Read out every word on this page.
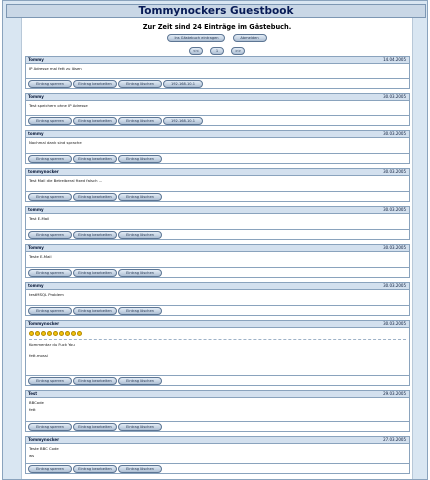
Tommynockers Guestbook
Zur Zeit sind 24 Einträge im Gästebuch.
Ins Gästebuch eintragen	Abmelden
<<	1	>>
Tommy	14.04.2005
IP Adresse mal fett zu lösen
Eintrag sperren	Eintrag bearbeiten	Eintrag löschen	192.168.10.1
Tommy	30.03.2005
Test speichern ohne IP Adresse
Eintrag sperren	Eintrag bearbeiten	Eintrag löschen	192.168.10.1
tommy	30.03.2005
Nochmal dank sind sprache
Eintrag sperren	Eintrag bearbeiten	Eintrag löschen
tommynocker	30.03.2005
Test Mail die Betreiberal fixed falsch ...
Eintrag sperren	Eintrag bearbeiten	Eintrag löschen
tommy	30.03.2005
Test E-Mail
Eintrag sperren	Eintrag bearbeiten	Eintrag löschen
Tommy	30.03.2005
Teste E-Mail
Eintrag sperren	Eintrag bearbeiten	Eintrag löschen
tommy	30.03.2005
testMSQL Problem
Eintrag sperren	Eintrag bearbeiten	Eintrag löschen
Tommynocker	30.03.2005
Kommentar du Fuck You
fett.mossi
Eintrag sperren	Eintrag bearbeiten	Eintrag löschen
Test	29.03.2005
BBCode
fett
Eintrag sperren	Eintrag bearbeiten	Eintrag löschen
Tommynocker	27.03.2005
Teste BBC Code
ws
Eintrag sperren	Eintrag bearbeiten	Eintrag löschen
